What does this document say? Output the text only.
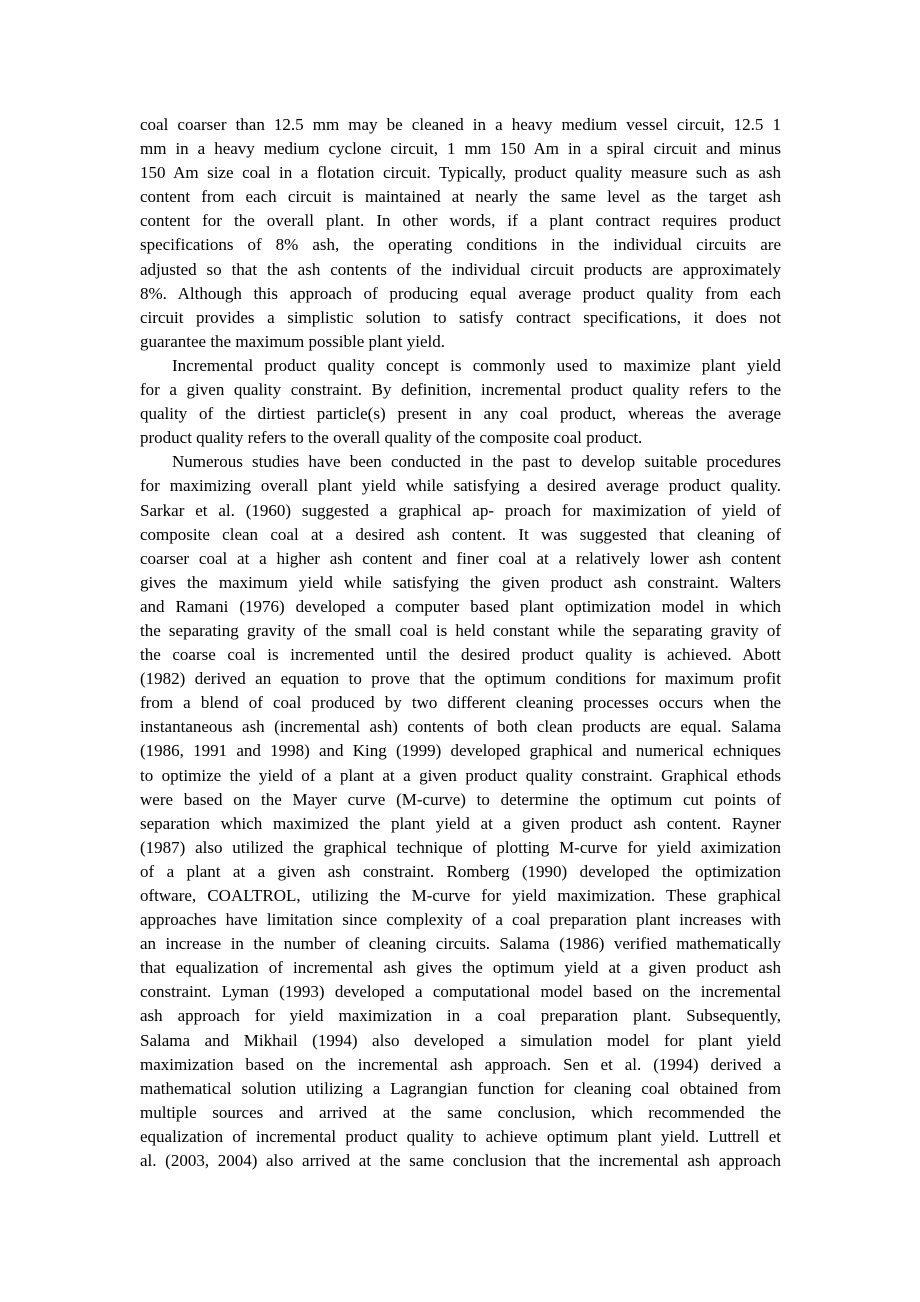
coal coarser than 12.5 mm may be cleaned in a heavy medium vessel circuit, 12.5 1
mm in a heavy medium cyclone circuit, 1 mm 150 Am in a spiral circuit and minus
150 Am size coal in a flotation circuit. Typically, product quality measure such as ash
content from each circuit is maintained at nearly the same level as the target ash
content for the overall plant. In other words, if a plant contract requires product
specifications of 8% ash, the operating conditions in the individual circuits are
adjusted so that the ash contents of the individual circuit products are approximately
8%. Although this approach of producing equal average product quality from each
circuit provides a simplistic solution to satisfy contract specifications, it does not
guarantee the maximum possible plant yield.
Incremental product quality concept is commonly used to maximize plant yield
for a given quality constraint. By definition, incremental product quality refers to the
quality of the dirtiest particle(s) present in any coal product, whereas the average
product quality refers to the overall quality of the composite coal product.
Numerous studies have been conducted in the past to develop suitable procedures
for maximizing overall plant yield while satisfying a desired average product quality.
Sarkar et al. (1960) suggested a graphical ap- proach for maximization of yield of
composite clean coal at a desired ash content. It was suggested that cleaning of
coarser coal at a higher ash content and finer coal at a relatively lower ash content
gives the maximum yield while satisfying the given product ash constraint. Walters
and Ramani (1976) developed a computer based plant optimization model in which
the separating gravity of the small coal is held constant while the separating gravity of
the coarse coal is incremented until the desired product quality is achieved. Abott
(1982) derived an equation to prove that the optimum conditions for maximum profit
from a blend of coal produced by two different cleaning processes occurs when the
instantaneous ash (incremental ash) contents of both clean products are equal. Salama
(1986, 1991 and 1998) and King (1999) developed graphical and numerical echniques
to optimize the yield of a plant at a given product quality constraint. Graphical ethods
were based on the Mayer curve (M-curve) to determine the optimum cut points of
separation which maximized the plant yield at a given product ash content. Rayner
(1987) also utilized the graphical technique of plotting M-curve for yield aximization
of a plant at a given ash constraint. Romberg (1990) developed the optimization
oftware, COALTROL, utilizing the M-curve for yield maximization. These graphical
approaches have limitation since complexity of a coal preparation plant increases with
an increase in the number of cleaning circuits. Salama (1986) verified mathematically
that equalization of incremental ash gives the optimum yield at a given product ash
constraint. Lyman (1993) developed a computational model based on the incremental
ash approach for yield maximization in a coal preparation plant. Subsequently,
Salama and Mikhail (1994) also developed a simulation model for plant yield
maximization based on the incremental ash approach. Sen et al. (1994) derived a
mathematical solution utilizing a Lagrangian function for cleaning coal obtained from
multiple sources and arrived at the same conclusion, which recommended the
equalization of incremental product quality to achieve optimum plant yield. Luttrell et
al. (2003, 2004) also arrived at the same conclusion that the incremental ash approach
